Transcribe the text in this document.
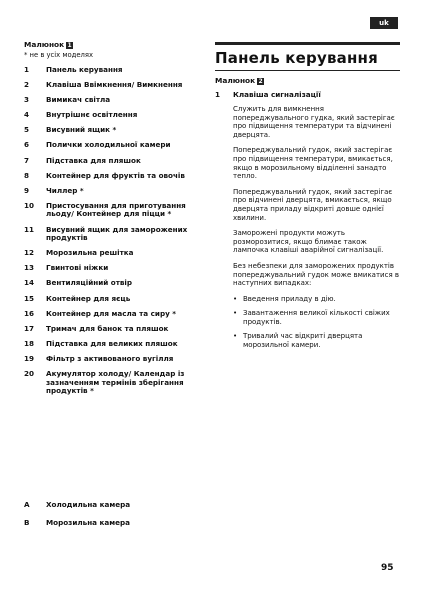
uk
Малюнок 1
* не в усіх моделях
1	Панель керування
2	Клавіша Ввімкнення/ Вимкнення
3	Вимикач світла
4	Внутрішнє освітлення
5	Висувний ящик *
6	Полички холодильної камери
7	Підставка для пляшок
8	Контейнер для фруктів та овочів
9	Чиллер *
10	Пристосування для приготування льоду/ Контейнер для піцци *
11	Висувний ящик для заморожених продуктів
12	Морозильна решітка
13	Гвинтові ніжки
14	Вентиляційний отвір
15	Контейнер для яєць
16	Контейнер для масла та сиру *
17	Тримач для банок та пляшок
18	Підставка для великих пляшок
19	Фільтр з активованого вугілля
20	Акумулятор холоду/ Календар із зазначенням термінів зберігання продуктів *
A	Холодильна камера
B	Морозильна камера
Панель керування
Малюнок 2
1	Клавіша сигналізації
Служить для вимкнення попереджувального гудка, який застерігає про підвищення температури та відчинені дверцята.
Попереджувальний гудок, який застерігає про підвищення температури, вмикається, якщо в морозильному відділенні занадто тепло.
Попереджувальний гудок, який застерігає про відчинені дверцята, вмикається, якщо дверцята приладу відкриті довше однієї хвилини.
Заморожені продукти можуть розморозитися, якщо блимає також лампочка клавіші аварійної сигналізації.
Без небезпеки для заморожених продуктів попереджувальний гудок може вмикатися в наступних випадках:
• Введення приладу в дію.
• Завантаження великої кількості свіжих продуктів.
• Тривалий час відкриті дверцята морозильної камери.
95
